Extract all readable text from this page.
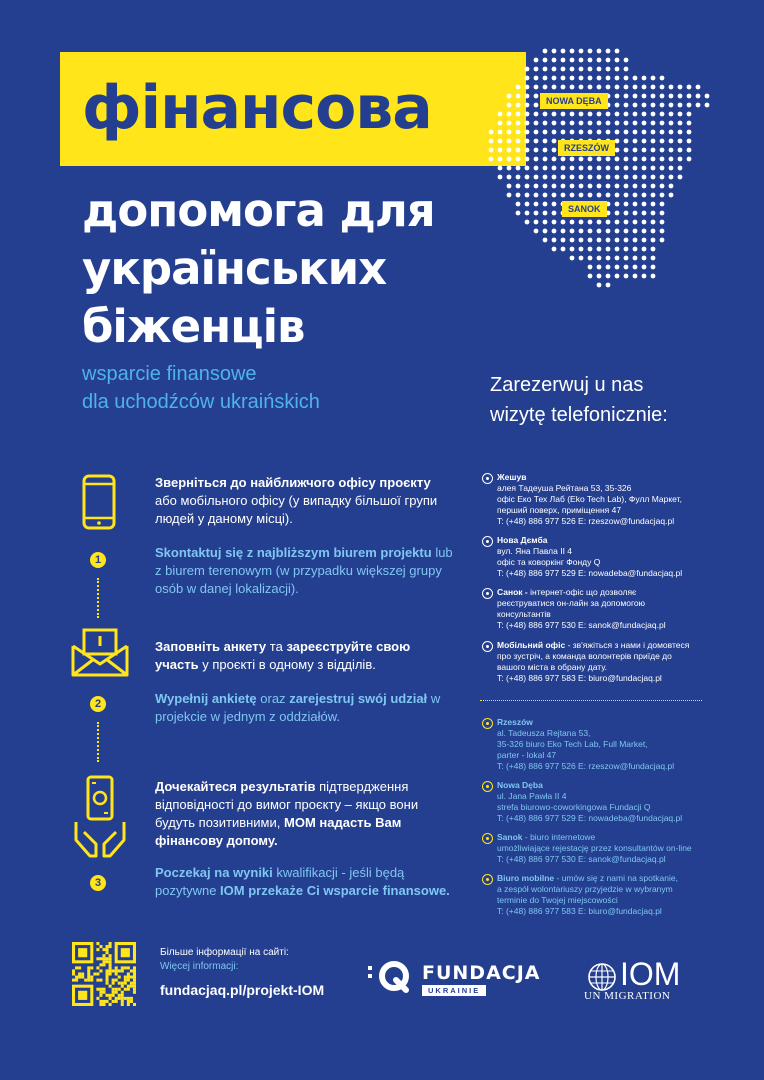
фінансова
допомога для
українських
біженців
wsparcie finansowe
dla uchodźców ukraińskich
NOWA DĘBA
RZESZÓW
SANOK
Zarezerwuj u nas
wizytę telefonicznie:
1
Зверніться до найближчого офісу проєкту або мобільного офісу (у випадку більшої групи людей у даному місці).
Skontaktuj się z najbliższym biurem projektu lub z biurem terenowym (w przypadku większej grupy osób w danej lokalizacji).
2
Заповніть анкету та зареєструйте свою участь у проєкті в одному з відділів.
Wypełnij ankietę oraz zarejestruj swój udział w projekcie w jednym z oddziałów.
3
Дочекайтеся результатів підтвердження відповідності до вимог проєкту – якщо вони будуть позитивними, МОМ надасть Вам фінансову допому.
Poczekaj na wyniki kwalifikacji - jeśli będą pozytywne IOM przekaże Ci wsparcie finansowe.
Жешув
алея Тадеуша Рейтана 53, 35-326
офіс Еко Тех Лаб (Eko Tech Lab), Фулл Маркет,
перший поверх, приміщення 47
T: (+48) 886 977 526 E: rzeszow@fundacjaq.pl
Нова Дємба
вул. Яна Павла II 4
офіс та коворкінг Фонду Q
T: (+48) 886 977 529 E: nowadeba@fundacjaq.pl
Санок - інтернет-офіс що дозволяє
реєструватися он-лайн за допомогою
консультантів
T: (+48) 886 977 530 E: sanok@fundacjaq.pl
Мобільний офіс - зв'яжіться з нами і домовтеся
про зустріч, а команда волонтерів приїде до
вашого міста в обрану дату.
T: (+48) 886 977 583 E: biuro@fundacjaq.pl
Rzeszów
al. Tadeusza Rejtana 53,
35-326 biuro Eko Tech Lab, Full Market,
parter - lokal 47
T: (+48) 886 977 526 E: rzeszow@fundacjaq.pl
Nowa Dęba
ul. Jana Pawła II 4
strefa biurowo-coworkingowa Fundacji Q
T: (+48) 886 977 529 E: nowadeba@fundacjaq.pl
Sanok - biuro internetowe
umożliwiające rejestację przez konsultantów on-line
T: (+48) 886 977 530 E: sanok@fundacjaq.pl
Biuro mobilne - umów się z nami na spotkanie,
a zespół wolontariuszy przyjedzie w wybranym
terminie do Twojej miejscowości
T: (+48) 886 977 583 E: biuro@fundacjaq.pl
Більше інформації на сайті:
Więcej informacji:
fundacjaq.pl/projekt-IOM
FUNDACJA
UKRAINIE	IOM
UN MIGRATION
